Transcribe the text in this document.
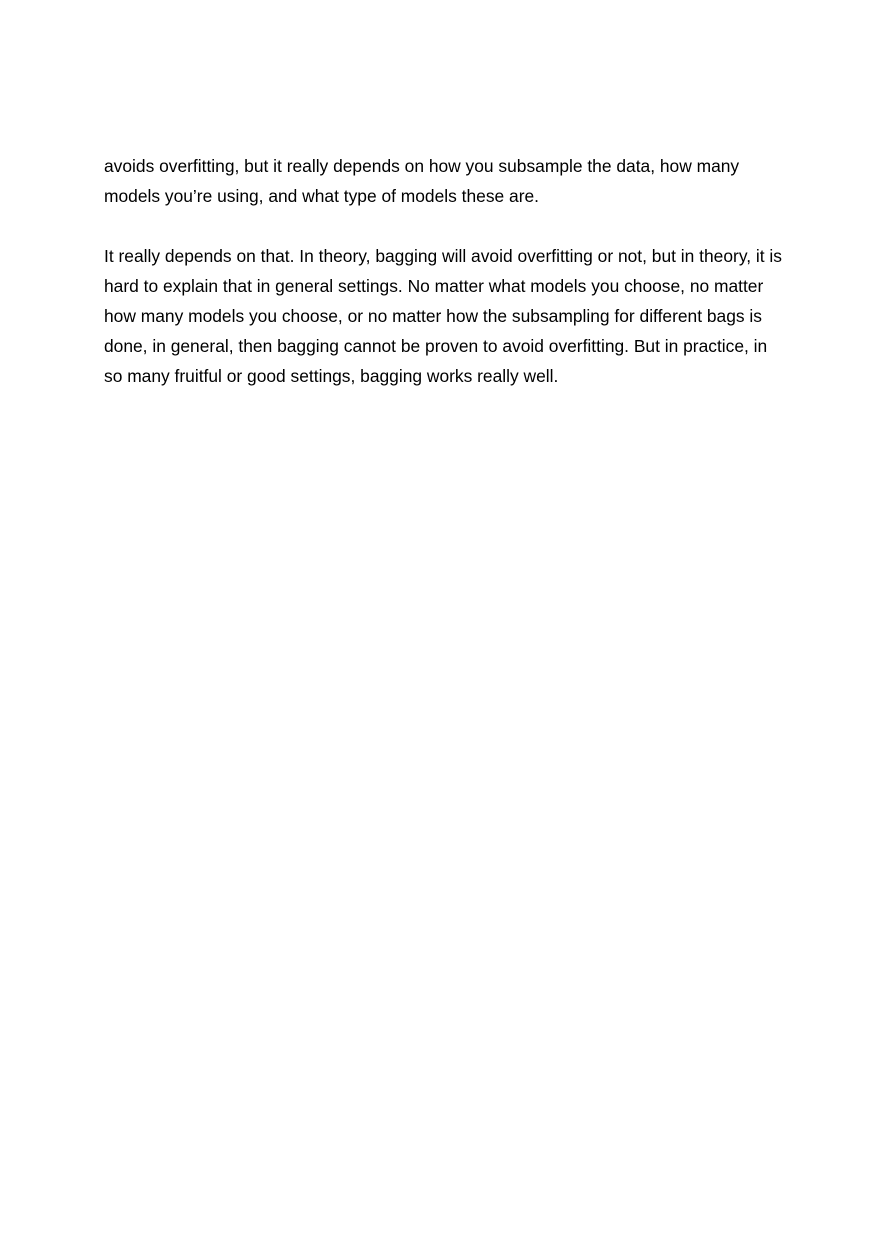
avoids overfitting, but it really depends on how you subsample the data, how many
models you’re using, and what type of models these are.

It really depends on that. In theory, bagging will avoid overfitting or not, but in theory, it is
hard to explain that in general settings. No matter what models you choose, no matter
how many models you choose, or no matter how the subsampling for different bags is
done, in general, then bagging cannot be proven to avoid overfitting. But in practice, in
so many fruitful or good settings, bagging works really well.
